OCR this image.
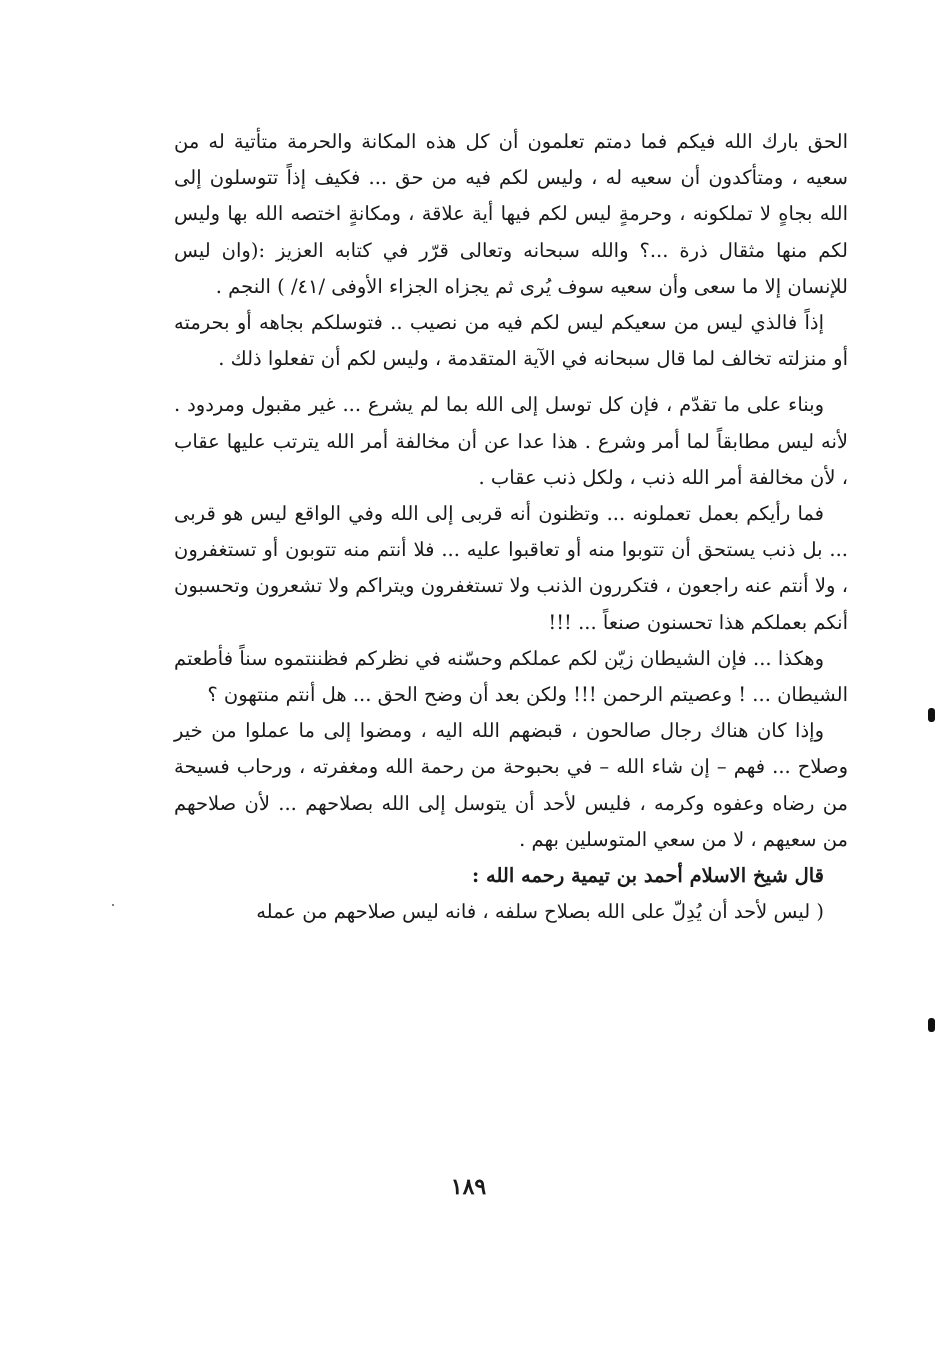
الحق بارك الله فيكم فما دمتم تعلمون أن كل هذه المكانة والحرمة متأتية له من سعيه ، ومتأكدون أن سعيه له ، وليس لكم فيه من حق ... فكيف إذاً تتوسلون إلى الله بجاهٍ لا تملكونه ، وحرمةٍ ليس لكم فيها أية علاقة ، ومكانةٍ اختصه الله بها وليس لكم منها مثقال ذرة ...؟ والله سبحانه وتعالى قرّر في كتابه العزيز :(وان ليس للإنسان إلا ما سعى وأن سعيه سوف يُرى ثم يجزاه الجزاء الأوفى /٤١/ ) النجم .

إذاً فالذي ليس من سعيكم ليس لكم فيه من نصيب .. فتوسلكم بجاهه أو بحرمته أو منزلته تخالف لما قال سبحانه في الآية المتقدمة ، وليس لكم أن تفعلوا ذلك .

وبناء على ما تقدّم ، فإن كل توسل إلى الله بما لم يشرع ... غير مقبول ومردود . لأنه ليس مطابقاً لما أمر وشرع . هذا عدا عن أن مخالفة أمر الله يترتب عليها عقاب ، لأن مخالفة أمر الله ذنب ، ولكل ذنب عقاب .

فما رأيكم بعمل تعملونه ... وتظنون أنه قربى إلى الله وفي الواقع ليس هو قربى ... بل ذنب يستحق أن تتوبوا منه أو تعاقبوا عليه ... فلا أنتم منه تتوبون أو تستغفرون ، ولا أنتم عنه راجعون ، فتكررون الذنب ولا تستغفرون ويتراكم ولا تشعرون وتحسبون أنكم بعملكم هذا تحسنون صنعاً ... !!!

وهكذا ... فإن الشيطان زيّن لكم عملكم وحسّنه في نظركم فظننتموه سناً فأطعتم الشيطان ... ! وعصيتم الرحمن !!! ولكن بعد أن وضح الحق ... هل أنتم منتهون ؟

وإذا كان هناك رجال صالحون ، قبضهم الله اليه ، ومضوا إلى ما عملوا من خير وصلاح ... فهم – إن شاء الله – في بحبوحة من رحمة الله ومغفرته ، ورحاب فسيحة من رضاه وعفوه وكرمه ، فليس لأحد أن يتوسل إلى الله بصلاحهم ... لأن صلاحهم من سعيهم ، لا من سعي المتوسلين بهم .

قال شيخ الاسلام أحمد بن تيمية رحمه الله :

( ليس لأحد أن يُدِلّ على الله بصلاح سلفه ، فانه ليس صلاحهم من عمله

١٨٩
